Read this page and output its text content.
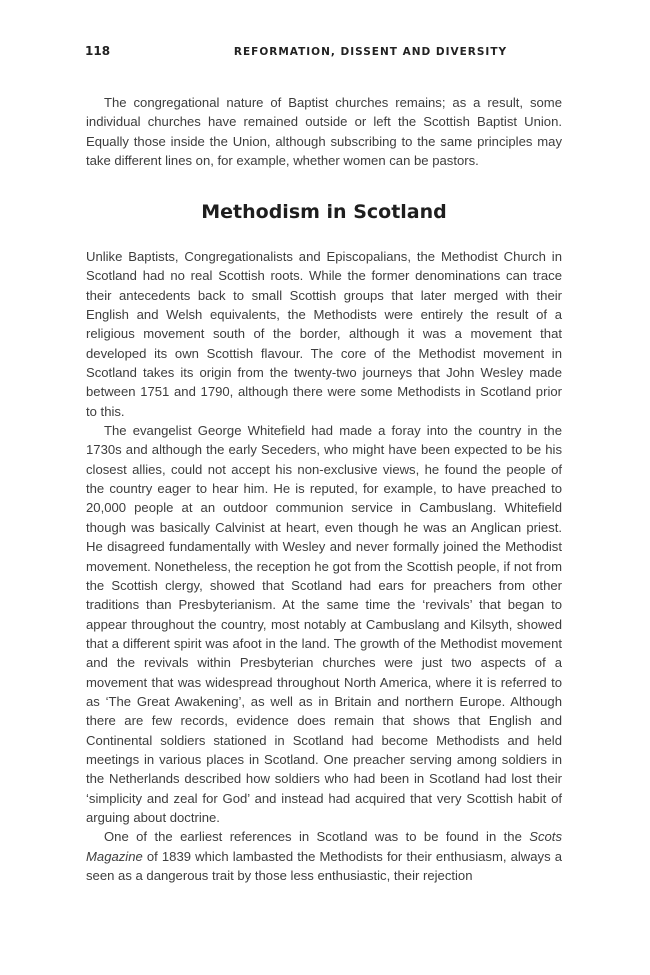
118	REFORMATION, DISSENT AND DIVERSITY

The congregational nature of Baptist churches remains; as a result, some individual churches have remained outside or left the Scottish Baptist Union. Equally those inside the Union, although subscribing to the same principles may take different lines on, for example, whether women can be pastors.

Methodism in Scotland

Unlike Baptists, Congregationalists and Episcopalians, the Methodist Church in Scotland had no real Scottish roots. While the former denominations can trace their antecedents back to small Scottish groups that later merged with their English and Welsh equivalents, the Methodists were entirely the result of a religious movement south of the border, although it was a movement that developed its own Scottish flavour. The core of the Methodist movement in Scotland takes its origin from the twenty-two journeys that John Wesley made between 1751 and 1790, although there were some Methodists in Scotland prior to this.

The evangelist George Whitefield had made a foray into the country in the 1730s and although the early Seceders, who might have been expected to be his closest allies, could not accept his non-exclusive views, he found the people of the country eager to hear him. He is reputed, for example, to have preached to 20,000 people at an outdoor communion service in Cambuslang. Whitefield though was basically Calvinist at heart, even though he was an Anglican priest. He disagreed fundamentally with Wesley and never formally joined the Methodist movement. Nonetheless, the reception he got from the Scottish people, if not from the Scottish clergy, showed that Scotland had ears for preachers from other traditions than Presbyterianism. At the same time the ‘revivals’ that began to appear throughout the country, most notably at Cambuslang and Kilsyth, showed that a different spirit was afoot in the land. The growth of the Methodist movement and the revivals within Presbyterian churches were just two aspects of a movement that was widespread throughout North America, where it is referred to as ‘The Great Awakening’, as well as in Britain and northern Europe. Although there are few records, evidence does remain that shows that English and Continental soldiers stationed in Scotland had become Methodists and held meetings in various places in Scotland. One preacher serving among soldiers in the Netherlands described how soldiers who had been in Scotland had lost their ‘simplicity and zeal for God’ and instead had acquired that very Scottish habit of arguing about doctrine.

One of the earliest references in Scotland was to be found in the Scots Magazine of 1839 which lambasted the Methodists for their enthusiasm, always a seen as a dangerous trait by those less enthusiastic, their rejection
